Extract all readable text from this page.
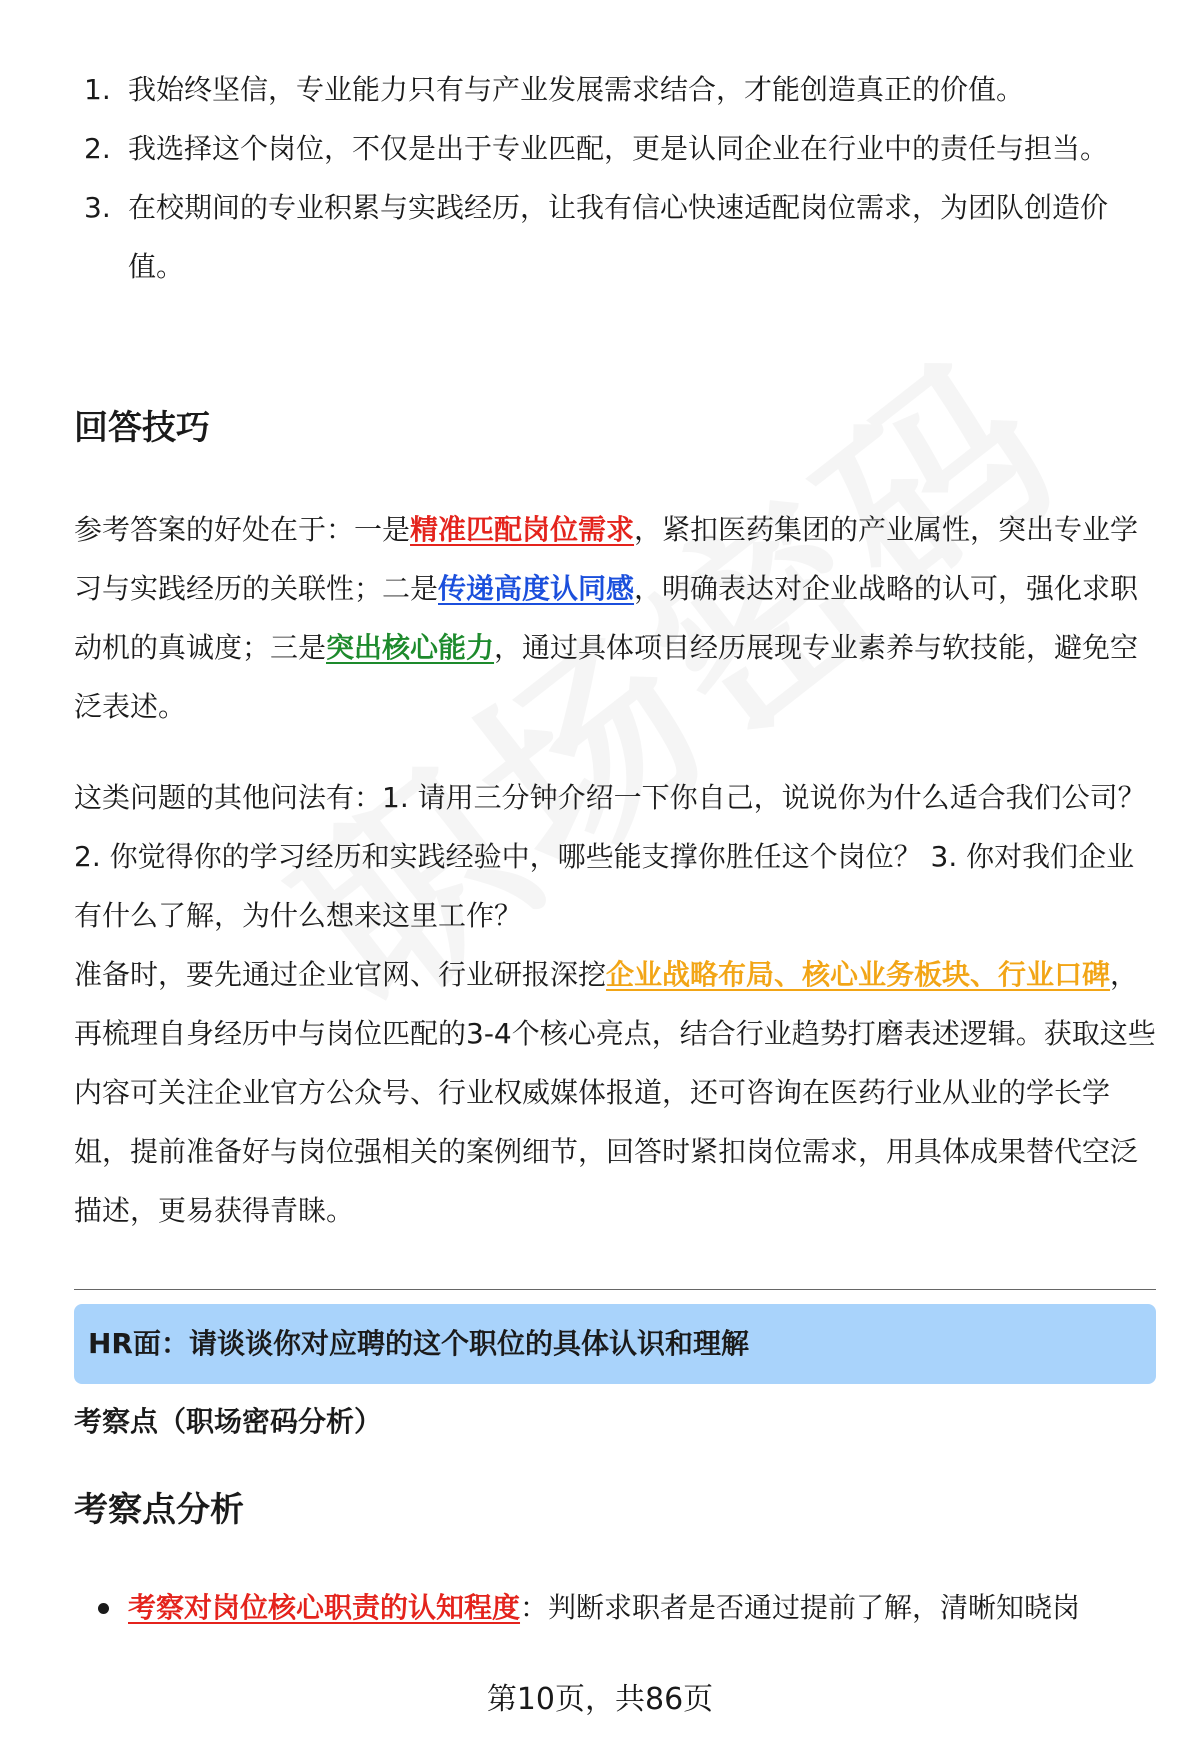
1. 我始终坚信，专业能力只有与产业发展需求结合，才能创造真正的价值。
2. 我选择这个岗位，不仅是出于专业匹配，更是认同企业在行业中的责任与担当。
3. 在校期间的专业积累与实践经历，让我有信心快速适配岗位需求，为团队创造价值。
回答技巧

参考答案的好处在于：一是精准匹配岗位需求，紧扣医药集团的产业属性，突出专业学习与实践经历的关联性；二是传递高度认同感，明确表达对企业战略的认可，强化求职动机的真诚度；三是突出核心能力，通过具体项目经历展现专业素养与软技能，避免空泛表述。

这类问题的其他问法有：1. 请用三分钟介绍一下你自己，说说你为什么适合我们公司？ 2. 你觉得你的学习经历和实践经验中，哪些能支撑你胜任这个岗位？ 3. 你对我们企业有什么了解，为什么想来这里工作？

准备时，要先通过企业官网、行业研报深挖企业战略布局、核心业务板块、行业口碑，再梳理自身经历中与岗位匹配的3-4个核心亮点，结合行业趋势打磨表述逻辑。获取这些内容可关注企业官方公众号、行业权威媒体报道，还可咨询在医药行业从业的学长学姐，提前准备好与岗位强相关的案例细节，回答时紧扣岗位需求，用具体成果替代空泛描述，更易获得青睐。

HR面：请谈谈你对应聘的这个职位的具体认识和理解
考察点（职场密码分析）
考察点分析
考察对岗位核心职责的认知程度：判断求职者是否通过提前了解，清晰知晓岗
第10页，共86页
